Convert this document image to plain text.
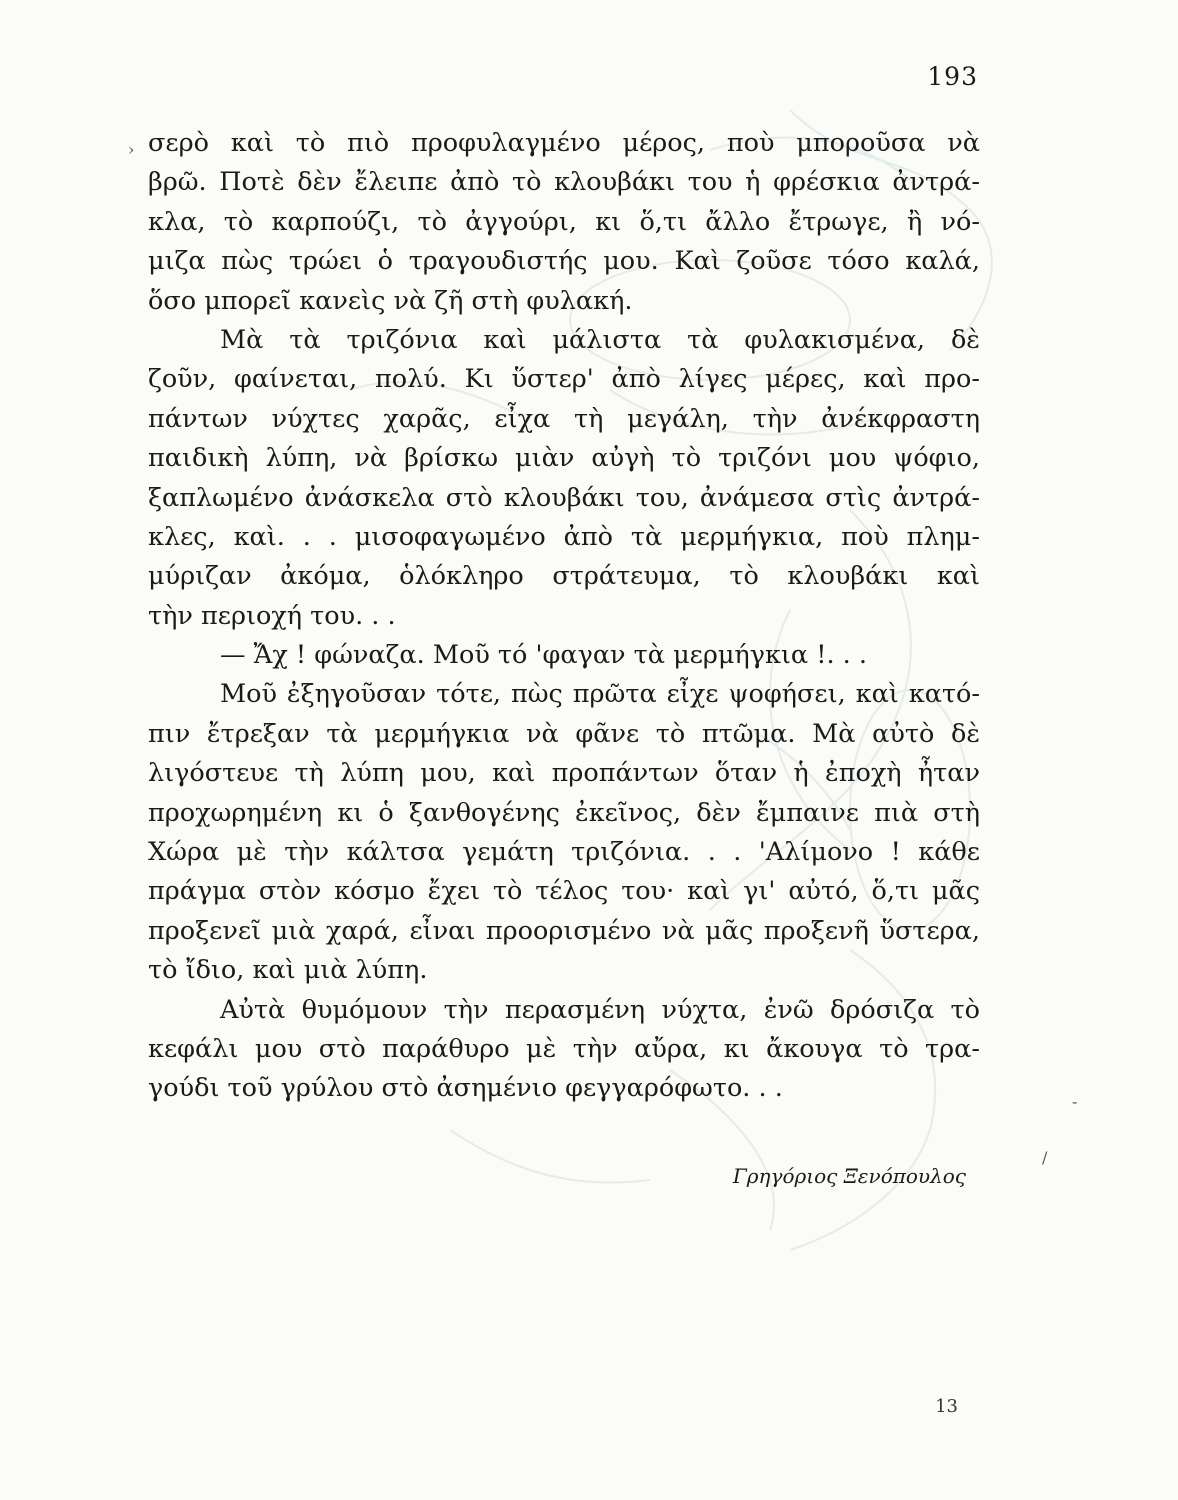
193
› σερὸ καὶ τὸ πιὸ προφυλαγμένο μέρος, ποὺ μποροῦσα νὰ
βρῶ. Ποτὲ δὲν ἔλειπε ἀπὸ τὸ κλουβάκι του ἡ φρέσκια ἀντρά-
κλα, τὸ καρπούζι, τὸ ἀγγούρι, κι ὅ,τι ἄλλο ἔτρωγε, ἢ νό-
μιζα πὼς τρώει ὁ τραγουδιστής μου. Καὶ ζοῦσε τόσο καλά,
ὅσο μπορεῖ κανεὶς νὰ ζῆ στὴ φυλακή.
Μὰ τὰ τριζόνια καὶ μάλιστα τὰ φυλακισμένα, δὲ
ζοῦν, φαίνεται, πολύ. Κι ὕστερ' ἀπὸ λίγες μέρες, καὶ προ-
πάντων νύχτες χαρᾶς, εἶχα τὴ μεγάλη, τὴν ἀνέκφραστη
παιδικὴ λύπη, νὰ βρίσκω μιὰν αὐγὴ τὸ τριζόνι μου ψόφιο,
ξαπλωμένο ἀνάσκελα στὸ κλουβάκι του, ἀνάμεσα στὶς ἀντρά-
κλες, καὶ. . . μισοφαγωμένο ἀπὸ τὰ μερμήγκια, ποὺ πλημ-
μύριζαν ἀκόμα, ὁλόκληρο στράτευμα, τὸ κλουβάκι καὶ
τὴν περιοχή του. . .
— Ἄχ ! φώναζα. Μοῦ τό 'φαγαν τὰ μερμήγκια !. . .
Μοῦ ἐξηγοῦσαν τότε, πὼς πρῶτα εἶχε ψοφήσει, καὶ κατό-
πιν ἔτρεξαν τὰ μερμήγκια νὰ φᾶνε τὸ πτῶμα. Μὰ αὐτὸ δὲ
λιγόστευε τὴ λύπη μου, καὶ προπάντων ὅταν ἡ ἐποχὴ ἦταν
προχωρημένη κι ὁ ξανθογένης ἐκεῖνος, δὲν ἔμπαινε πιὰ στὴ
Χώρα μὲ τὴν κάλτσα γεμάτη τριζόνια. . . 'Αλίμονο ! κάθε
πράγμα στὸν κόσμο ἔχει τὸ τέλος του· καὶ γι' αὐτό, ὅ,τι μᾶς
προξενεῖ μιὰ χαρά, εἶναι προορισμένο νὰ μᾶς προξενῆ ὕστερα,
τὸ ἴδιο, καὶ μιὰ λύπη.
Αὐτὰ θυμόμουν τὴν περασμένη νύχτα, ἐνῶ δρόσιζα τὸ
κεφάλι μου στὸ παράθυρο μὲ τὴν αὔρα, κι ἄκουγα τὸ τρα-
γούδι τοῦ γρύλου στὸ ἀσημένιο φεγγαρόφωτο. . .
Γρηγόριος Ξενόπουλος
‐
/
13
